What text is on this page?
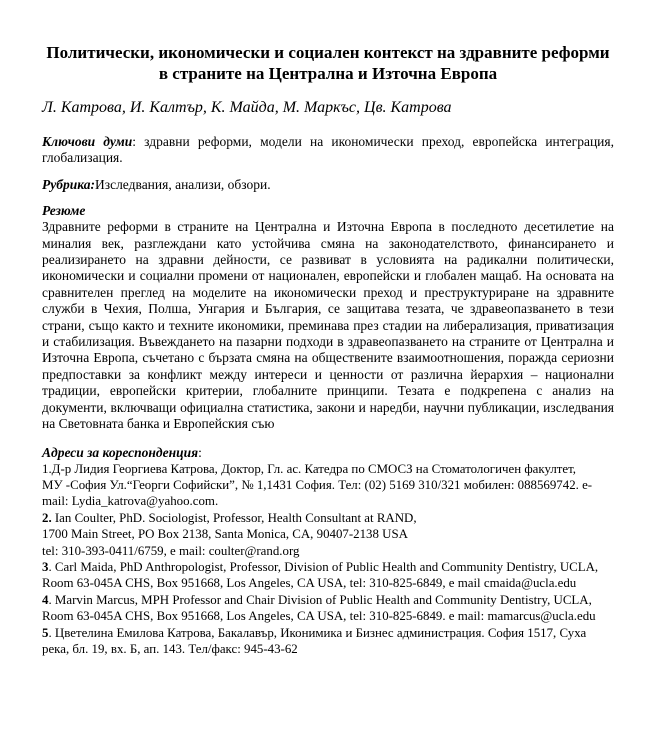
Политически, икономически и социален контекст на здравните реформи в страните на Централна и Източна Европа

Л. Катрова, И. Калтър, К. Майда, М. Маркъс, Цв. Катрова

Ключови думи: здравни реформи, модели на икономически преход, европейска интеграция, глобализация.

Рубрика:Изследвания, анализи, обзори.

Резюме

Здравните реформи в страните на Централна и Източна Европа в последното десетилетие на миналия век, разглеждани като устойчива смяна на законодателството, финансирането и реализирането на здравни дейности, се развиват в условията на радикални политически, икономически и социални промени от национален, европейски и глобален мащаб. На основата на сравнителен преглед на моделите на икономически преход и преструктуриране на здравните служби в Чехия, Полша, Унгария и България, се защитава тезата, че здравеопазването в тези страни, също както и техните икономики, преминава през стадии на либерализация, приватизация и стабилизация. Въвеждането на пазарни подходи в здравеопазването на страните от Централна и Източна Европа, съчетано с бързата смяна на обществените взаимоотношения, поражда сериозни предпоставки за конфликт между интереси и ценности от различна йерархия – национални традиции, европейски критерии, глобалните принципи. Тезата е подкрепена с анализ на документи, включващи официална статистика, закони и наредби, научни публикации, изследвания на Световната банка и Европейския съю

Адреси за кореспонденция:

1.Д-р Лидия Георгиева Катрова, Доктор, Гл. ас. Катедра по СМОСЗ на Стоматологичен факултет,

МУ -София Ул.“Георги Софийски”, № 1,1431 София. Тел: (02) 5169 310/321 мобилен: 088569742. e-

mail: Lydia_katrova@yahoo.com.

2. Ian Coulter, PhD. Sociologist, Professor, Health Consultant at RAND,

1700 Main Street, PO Box 2138, Santa Monica, CA, 90407-2138 USA

tel: 310-393-0411/6759, e mail: coulter@rand.org

3. Carl Maida, PhD Anthropologist, Professor, Division of Public Health and Community Dentistry, UCLA,

Room 63-045A CHS, Box 951668, Los Angeles, CA USA, tel: 310-825-6849, e mail cmaida@ucla.edu

4. Marvin Marcus, MPH Professor and Chair Division of Public Health and Community Dentistry, UCLA,

Room 63-045A CHS, Box 951668, Los Angeles, CA USA, tel: 310-825-6849. e mail: mamarcus@ucla.edu

5. Цветелина Емилова Катрова, Бакалавър, Иконимика и Бизнес администрация. София 1517, Суха

река, бл. 19, вх. Б, ап. 143. Тел/факс: 945-43-62
